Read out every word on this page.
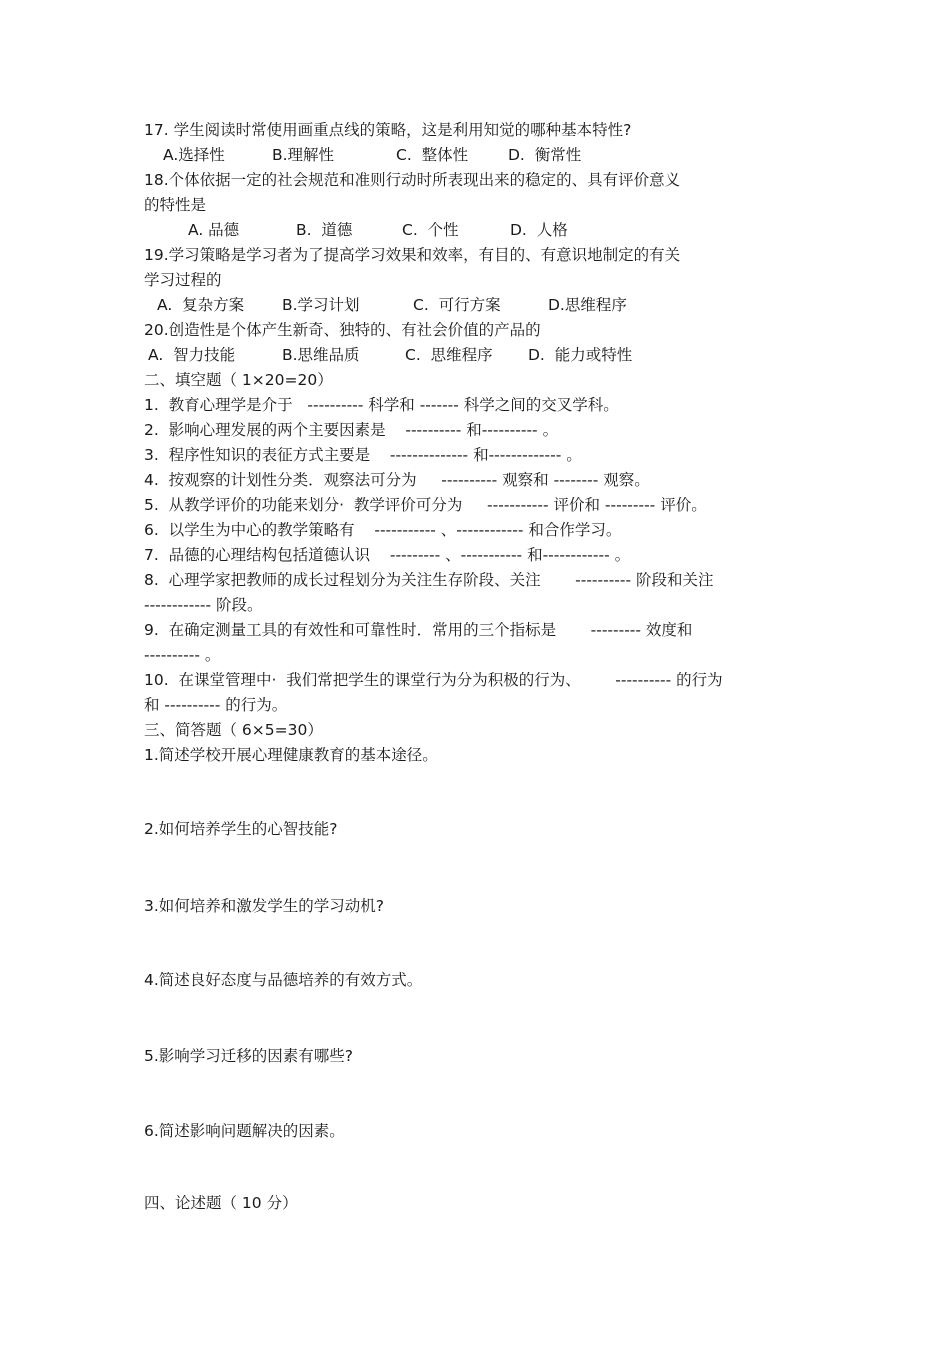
17. 学生阅读时常使用画重点线的策略，这是利用知觉的哪种基本特性?
A.选择性	B.理解性	C.  整体性	D.  衡常性
18.个体依据一定的社会规范和准则行动时所表现出来的稳定的、具有评价意义
的特性是
A. 品德	B.  道德	C.  个性	D.  人格
19.学习策略是学习者为了提高学习效果和效率，有目的、有意识地制定的有关
学习过程的
A.  复杂方案 B.学习计划	C.  可行方案	D.思维程序
20.创造性是个体产生新奇、独特的、有社会价值的产品的
A.  智力技能	B.思维品质	C.  思维程序 D.  能力或特性
二、填空题（ 1×20=20）
1.  教育心理学是介于   ---------- 科学和 ------- 科学之间的交叉学科。
2.  影响心理发展的两个主要因素是    ---------- 和---------- 。
3.  程序性知识的表征方式主要是    -------------- 和------------- 。
4.  按观察的计划性分类．观察法可分为     ---------- 观察和 -------- 观察。
5.  从教学评价的功能来划分·  教学评价可分为     ----------- 评价和 --------- 评价。
6.  以学生为中心的教学策略有    ----------- 、------------ 和合作学习。
7.  品德的心理结构包括道德认识    --------- 、----------- 和------------ 。
8.  心理学家把教师的成长过程划分为关注生存阶段、关注       ---------- 阶段和关注
------------ 阶段。
9.  在确定测量工具的有效性和可靠性时．常用的三个指标是       --------- 效度和
---------- 。
10.  在课堂管理中·  我们常把学生的课堂行为分为积极的行为、       ---------- 的行为
和 ---------- 的行为。
三、简答题（ 6×5=30）
1.简述学校开展心理健康教育的基本途径。
2.如何培养学生的心智技能?
3.如何培养和激发学生的学习动机?
4.简述良好态度与品德培养的有效方式。
5.影响学习迁移的因素有哪些?
6.简述影响问题解决的因素。
四、论述题（ 10 分）
